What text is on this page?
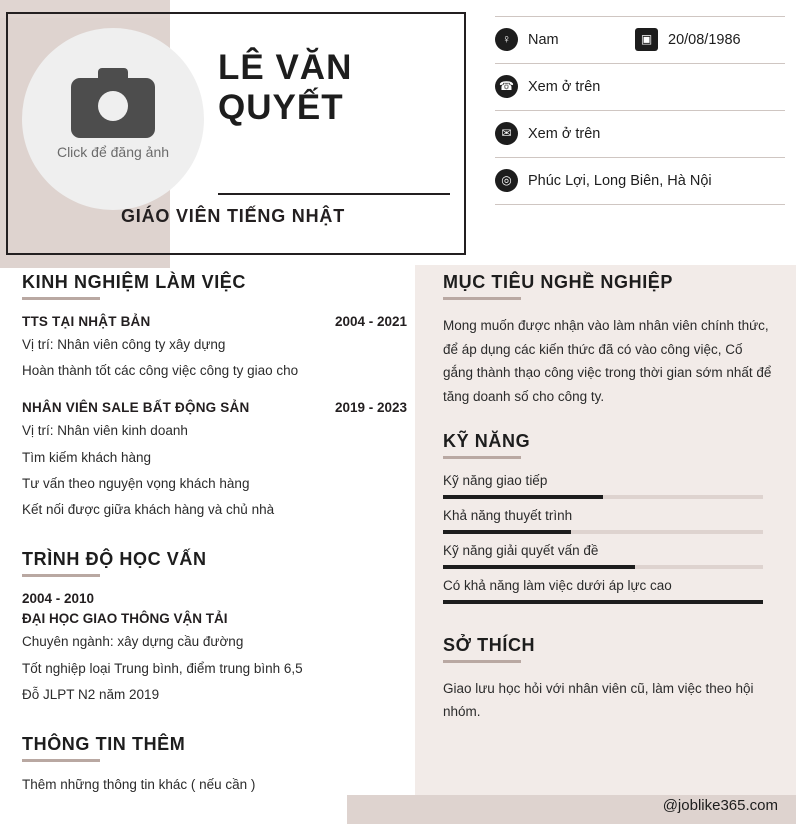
Click để đăng ảnh
LÊ VĂN
QUYẾT
GIÁO VIÊN TIẾNG NHẬT
♀	Nam	▣	20/08/1986
☎ Xem ở trên
✉	Xem ở trên
◎	Phúc Lợi, Long Biên, Hà Nội
KINH NGHIỆM LÀM VIỆC
TTS TẠI NHẬT BẢN	2004 - 2021
Vị trí: Nhân viên công ty xây dựng
Hoàn thành tốt các công việc công ty giao cho
NHÂN VIÊN SALE BẤT ĐỘNG SẢN	2019 - 2023
Vị trí: Nhân viên kinh doanh
Tìm kiếm khách hàng
Tư vấn theo nguyện vọng khách hàng
Kết nối được giữa khách hàng và chủ nhà
TRÌNH ĐỘ HỌC VẤN
2004 - 2010
ĐẠI HỌC GIAO THÔNG VẬN TẢI
Chuyên ngành: xây dựng cầu đường
Tốt nghiệp loại Trung bình, điểm trung bình 6,5
Đỗ JLPT N2 năm 2019
THÔNG TIN THÊM
Thêm những thông tin khác ( nếu cần )
MỤC TIÊU NGHỀ NGHIỆP
Mong muốn được nhận vào làm nhân viên chính thức, để áp dụng các kiến thức đã có vào công việc, Cố gắng thành thạo công việc trong thời gian sớm nhất để tăng doanh số cho công ty.
KỸ NĂNG
Kỹ năng giao tiếp
Khả năng thuyết trình
Kỹ năng giải quyết vấn đề
Có khả năng làm việc dưới áp lực cao
SỞ THÍCH
Giao lưu học hỏi với nhân viên cũ, làm việc theo hội nhóm.
@joblike365.com
